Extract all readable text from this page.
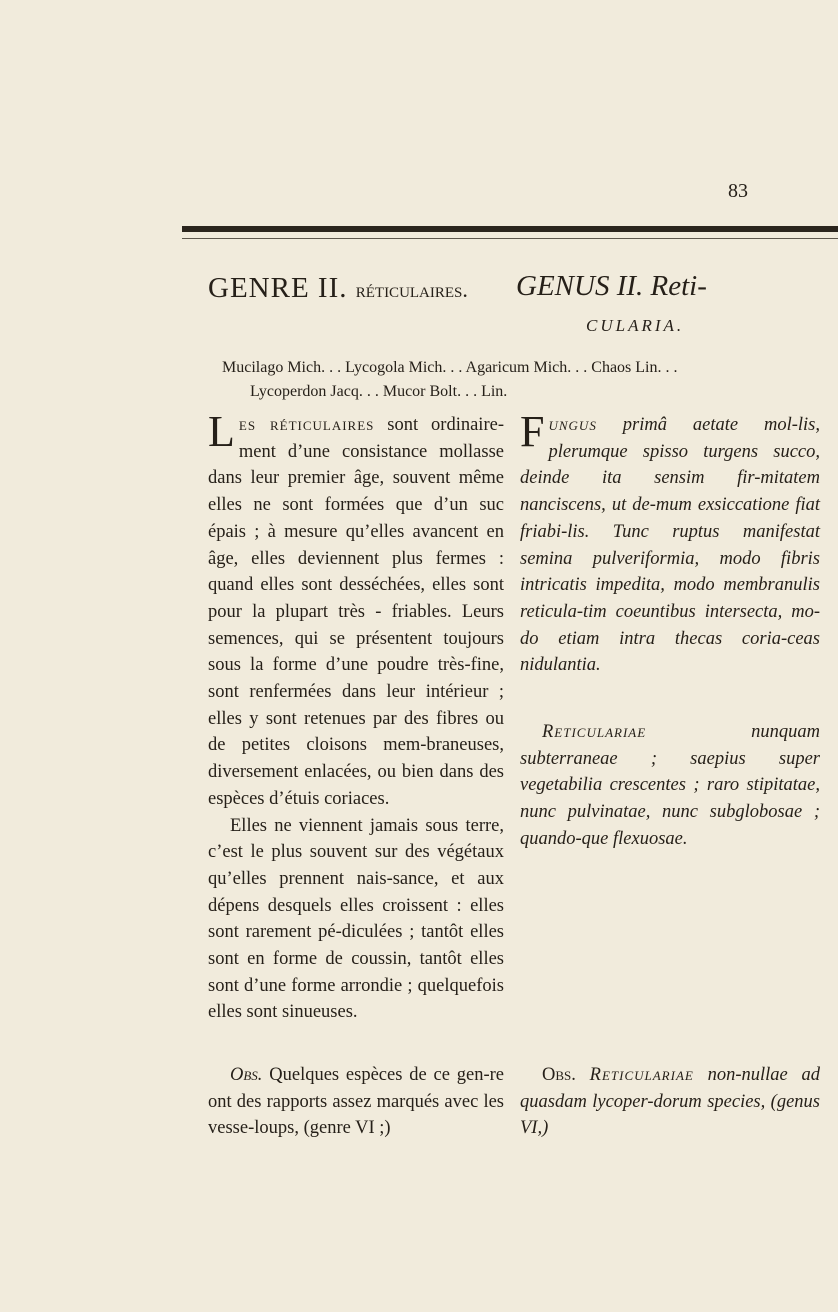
83
GENRE II. réticulaires. GENUS II. Reti-
CULARIA.
Mucilago Mich. . . Lycogola Mich. . . Agaricum Mich. . . Chaos Lin. . .
Lycoperdon Jacq. . . Mucor Bolt. . . Lin.

Les réticulaires sont ordinaire-ment d’une consistance mollasse dans leur premier âge, souvent même elles ne sont formées que d’un suc épais ; à mesure qu’elles avancent en âge, elles deviennent plus fermes : quand elles sont desséchées, elles sont pour la plupart très - friables. Leurs semences, qui se présentent toujours sous la forme d’une poudre très-fine, sont renfermées dans leur intérieur ; elles y sont retenues par des fibres ou de petites cloisons mem-braneuses, diversement enlacées, ou bien dans des espèces d’étuis coriaces.

Elles ne viennent jamais sous terre, c’est le plus souvent sur des végétaux qu’elles prennent nais-sance, et aux dépens desquels elles croissent : elles sont rarement pé-diculées ; tantôt elles sont en forme de coussin, tantôt elles sont d’une forme arrondie ; quelquefois elles sont sinueuses.

Fungus primâ aetate mol-lis, plerumque spisso turgens succo, deinde ita sensim fir-mitatem nanciscens, ut de-mum exsiccatione fiat friabi-lis. Tunc ruptus manifestat semina pulveriformia, modo fibris intricatis impedita, modo membranulis reticula-tim coeuntibus intersecta, mo-do etiam intra thecas coria-ceas nidulantia.

Reticulariae nunquam subterraneae ; saepius super vegetabilia crescentes ; raro stipitatae, nunc pulvinatae, nunc subglobosae ; quando-que flexuosae.

Obs. Quelques espèces de ce gen-re ont des rapports assez marqués avec les vesse-loups, (genre VI ;)

Obs. Reticulariae non-nullae ad quasdam lycoper-dorum species, (genus VI,)
